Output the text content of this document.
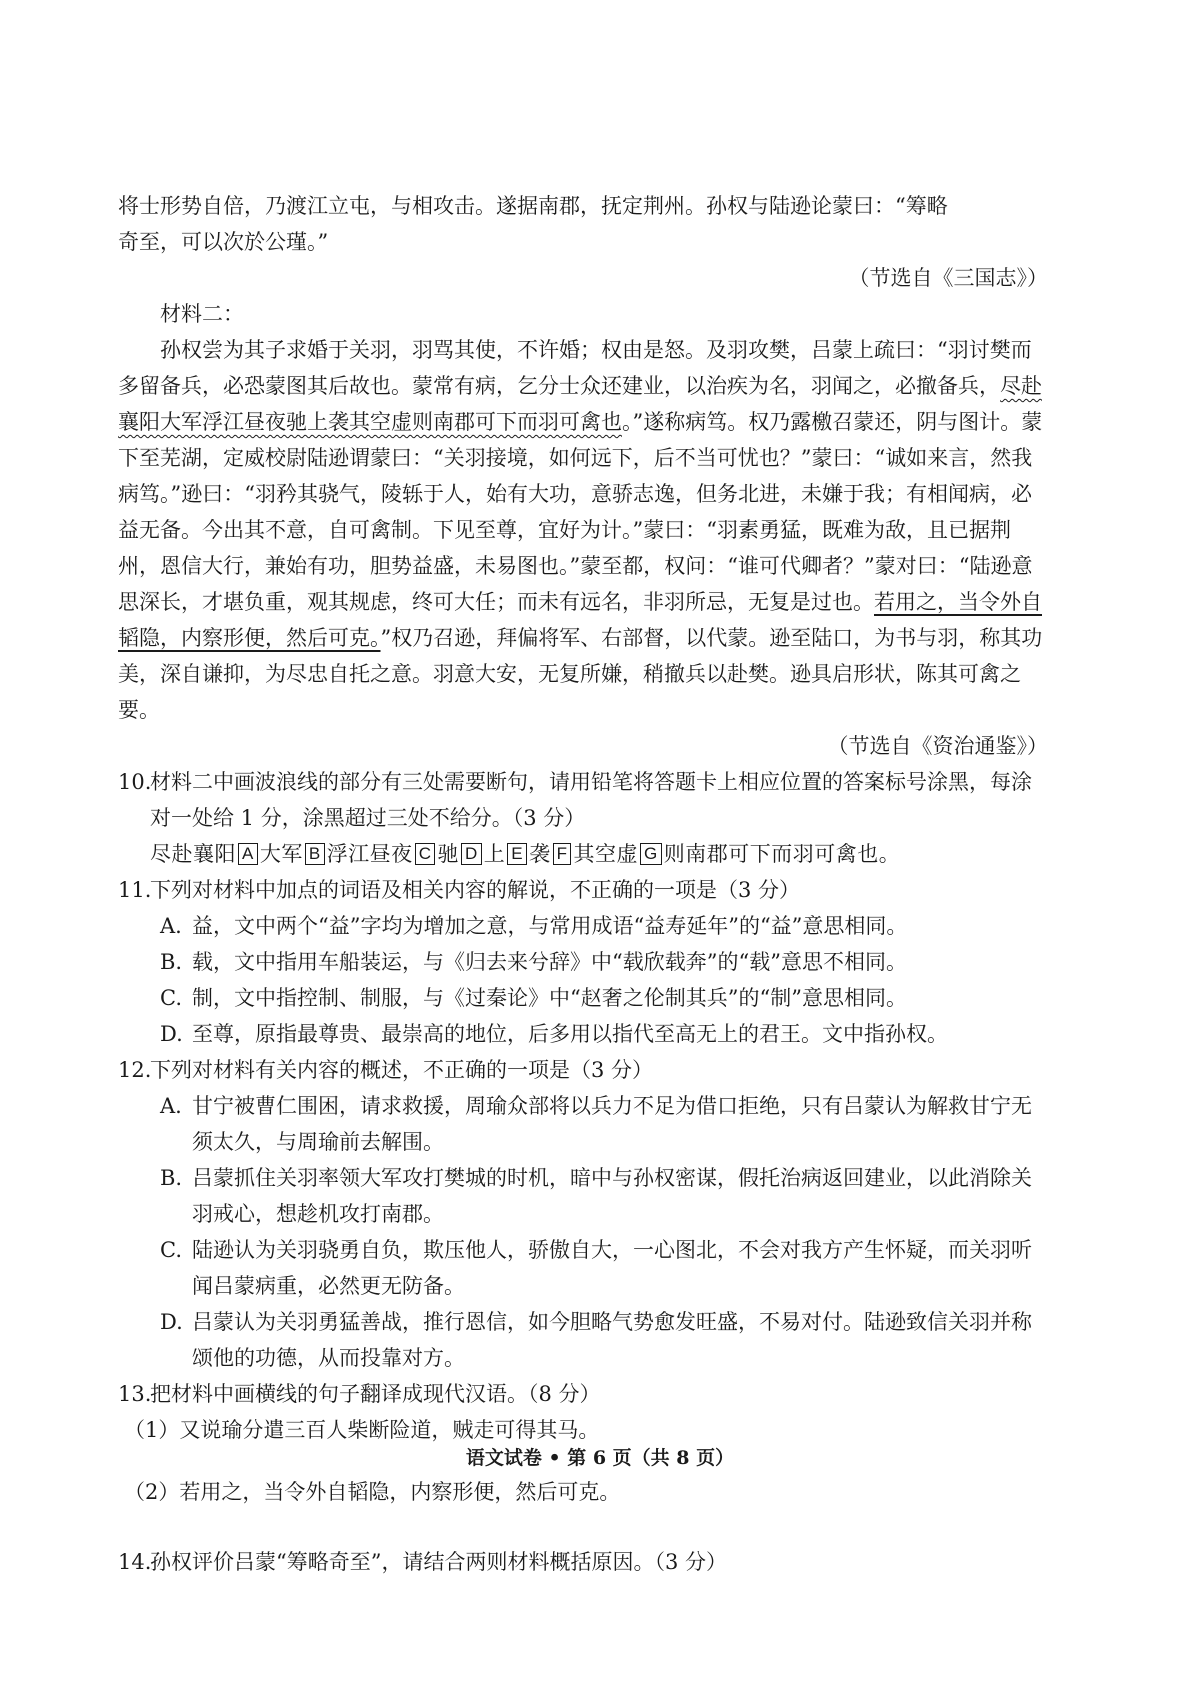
将士形势自倍，乃渡江立屯，与相攻击。遂据南郡，抚定荆州。孙权与陆逊论蒙曰：“筹略

奇至，可以次於公瑾。”

（节选自《三国志》）

材料二：

孙权尝为其子求婚于关羽，羽骂其使，不许婚；权由是怒。及羽攻樊，吕蒙上疏曰：“羽讨樊而多留备兵，必恐蒙图其后故也。蒙常有病，乞分士众还建业，以治疾为名，羽闻之，必撤备兵，尽赴襄阳大军浮江昼夜驰上袭其空虚则南郡可下而羽可禽也。”遂称病笃。权乃露檄召蒙还，阴与图计。蒙下至芜湖，定威校尉陆逊谓蒙曰：“关羽接境，如何远下，后不当可忧也？”蒙曰：“诚如来言，然我病笃。”逊曰：“羽矜其骁气，陵轹于人，始有大功，意骄志逸，但务北进，未嫌于我；有相闻病，必益无备。今出其不意，自可禽制。下见至尊，宜好为计。”蒙曰：“羽素勇猛，既难为敌，且已据荆州，恩信大行，兼始有功，胆势益盛，未易图也。”蒙至都，权问：“谁可代卿者？”蒙对曰：“陆逊意思深长，才堪负重，观其规虑，终可大任；而未有远名，非羽所忌，无复是过也。若用之，当令外自韬隐，内察形便，然后可克。”权乃召逊，拜偏将军、右部督，以代蒙。逊至陆口，为书与羽，称其功美，深自谦抑，为尽忠自托之意。羽意大安，无复所嫌，稍撤兵以赴樊。逊具启形状，陈其可禽之要。

（节选自《资治通鉴》）

10.材料二中画波浪线的部分有三处需要断句，请用铅笔将答题卡上相应位置的答案标号涂黑，每涂对一处给 1 分，涂黑超过三处不给分。（3 分）

尽赴襄阳 A 大军 B 浮江昼夜 C 驰 D 上 E 袭 F 其空虚 G 则南郡可下而羽可禽也。

11.下列对材料中加点的词语及相关内容的解说，不正确的一项是（3 分）

A. 益，文中两个“益”字均为增加之意，与常用成语“益寿延年”的“益”意思相同。

B. 载，文中指用车船装运，与《归去来兮辞》中“载欣载奔”的“载”意思不相同。

C. 制，文中指控制、制服，与《过秦论》中“赵奢之伦制其兵”的“制”意思相同。

D. 至尊，原指最尊贵、最崇高的地位，后多用以指代至高无上的君王。文中指孙权。

12.下列对材料有关内容的概述，不正确的一项是（3 分）

A. 甘宁被曹仁围困，请求救援，周瑜众部将以兵力不足为借口拒绝，只有吕蒙认为解救甘宁无须太久，与周瑜前去解围。

B. 吕蒙抓住关羽率领大军攻打樊城的时机，暗中与孙权密谋，假托治病返回建业，以此消除关羽戒心，想趁机攻打南郡。

C. 陆逊认为关羽骁勇自负，欺压他人，骄傲自大，一心图北，不会对我方产生怀疑，而关羽听闻吕蒙病重，必然更无防备。

D. 吕蒙认为关羽勇猛善战，推行恩信，如今胆略气势愈发旺盛，不易对付。陆逊致信关羽并称颂他的功德，从而投靠对方。

13.把材料中画横线的句子翻译成现代汉语。（8 分）

（1）又说瑜分遣三百人柴断险道，贼走可得其马。

（2）若用之，当令外自韬隐，内察形便，然后可克。

14.孙权评价吕蒙“筹略奇至”，请结合两则材料概括原因。（3 分）

语文试卷 • 第 6 页（共 8 页）
